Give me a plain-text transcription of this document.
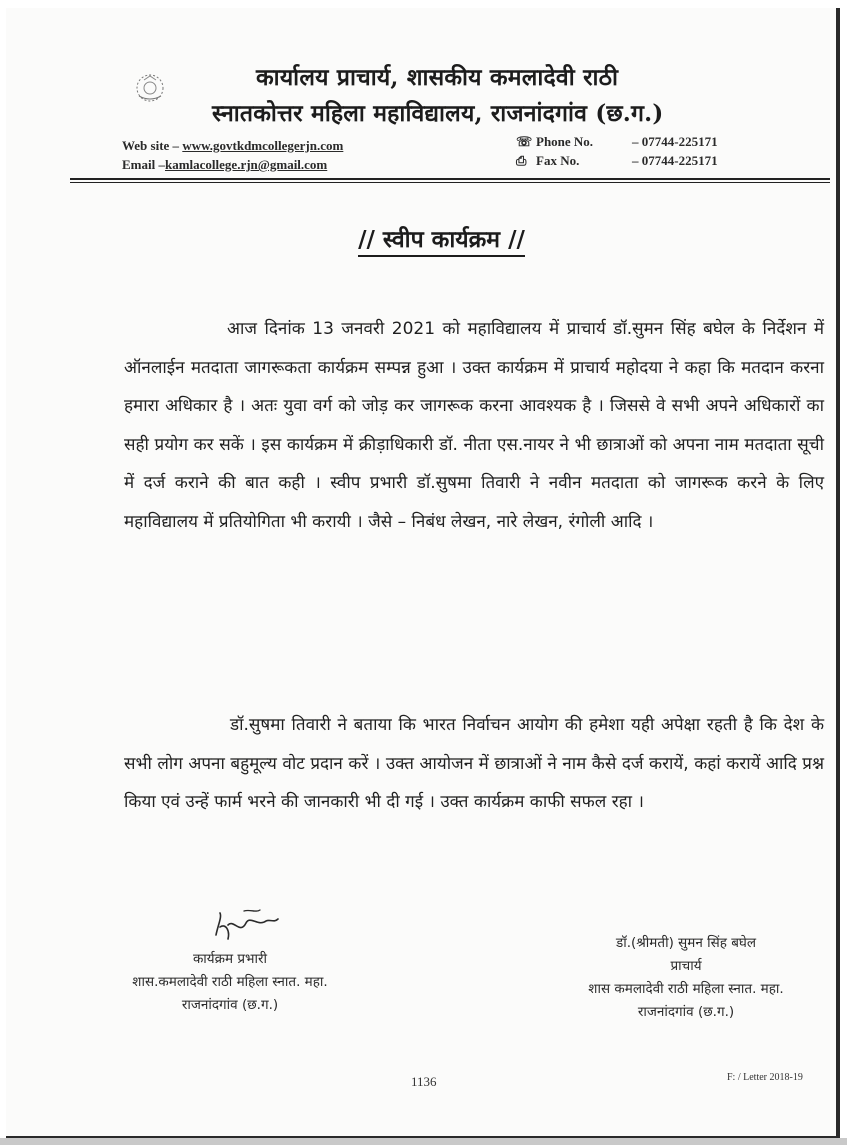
कार्यालय प्राचार्य, शासकीय कमलादेवी राठी
स्नातकोत्तर महिला महाविद्यालय, राजनांदगांव (छ.ग.)
Web site – www.govtkdmcollegerjn.com
Email –kamlacollege.rjn@gmail.com
☏ Phone No.	– 07744-225171
⎙ Fax No.	– 07744-225171
// स्वीप कार्यक्रम //
आज दिनांक 13 जनवरी 2021 को महाविद्यालय में प्राचार्य डॉ.सुमन सिंह बघेल के निर्देशन में ऑनलाईन मतदाता जागरूकता कार्यक्रम सम्पन्न हुआ । उक्त कार्यक्रम में प्राचार्य महोदया ने कहा कि मतदान करना हमारा अधिकार है । अतः युवा वर्ग को जोड़ कर जागरूक करना आवश्यक है । जिससे वे सभी अपने अधिकारों का सही प्रयोग कर सकें । इस कार्यक्रम में क्रीड़ाधिकारी डॉ. नीता एस.नायर ने भी छात्राओं को अपना नाम मतदाता सूची में दर्ज कराने की बात कही । स्वीप प्रभारी डॉ.सुषमा तिवारी ने नवीन मतदाता को जागरूक करने के लिए महाविद्यालय में प्रतियोगिता भी करायी । जैसे – निबंध लेखन, नारे लेखन, रंगोली आदि ।
डॉ.सुषमा तिवारी ने बताया कि भारत निर्वाचन आयोग की हमेशा यही अपेक्षा रहती है कि देश के सभी लोग अपना बहुमूल्य वोट प्रदान करें । उक्त आयोजन में छात्राओं ने नाम कैसे दर्ज करायें, कहां करायें आदि प्रश्न किया एवं उन्हें फार्म भरने की जानकारी भी दी गई । उक्त कार्यक्रम काफी सफल रहा ।
कार्यक्रम प्रभारी
शास.कमलादेवी राठी महिला स्नात. महा.
राजनांदगांव (छ.ग.)
डॉ.(श्रीमती) सुमन सिंह बघेल
प्राचार्य
शास कमलादेवी राठी महिला स्नात. महा.
राजनांदगांव (छ.ग.)
1136	F: / Letter 2018-19
